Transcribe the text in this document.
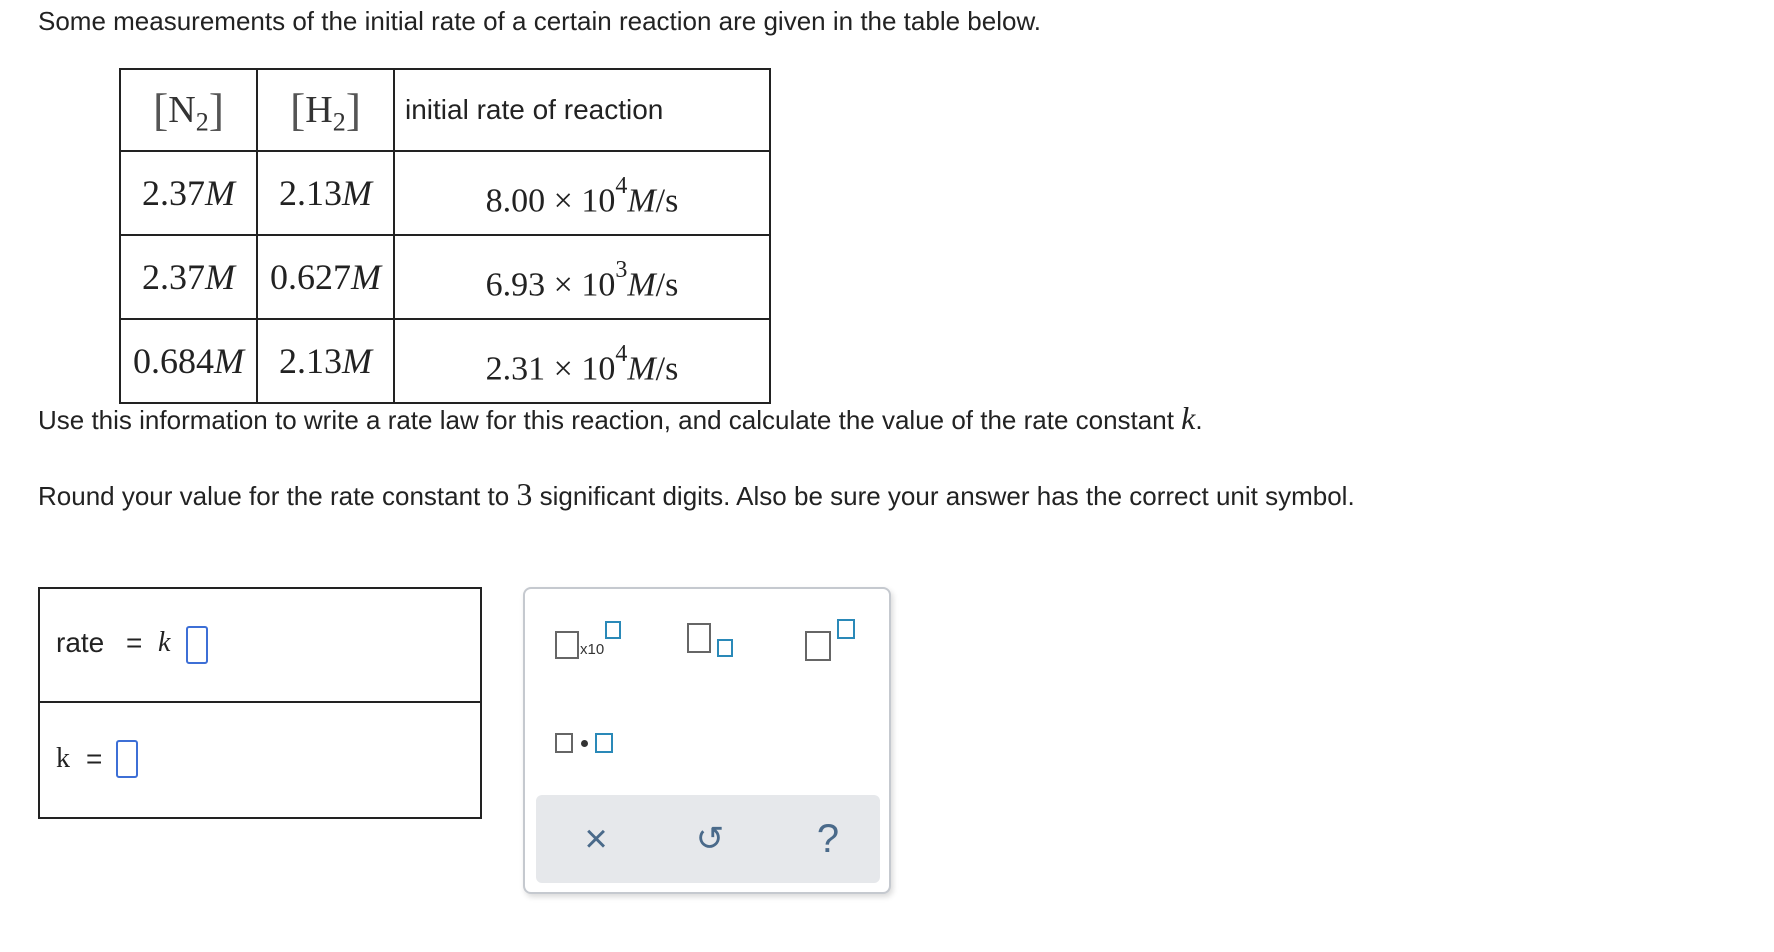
Some measurements of the initial rate of a certain reaction are given in the table below.
$[N_2]$	$[H_2]$	initial rate of reaction
2.37M	2.13M	$8.00 \times 10^4M/s$
2.37M	0.627M	$6.93 \times 10^3M/s$
0.684M	2.13M	$2.31 \times 10^4M/s$
Use this information to write a rate law for this reaction, and calculate the value of the rate constant k.
Round your value for the rate constant to 3 significant digits. Also be sure your answer has the correct unit symbol.
rate = k
k =
x10
×	↺ ?
